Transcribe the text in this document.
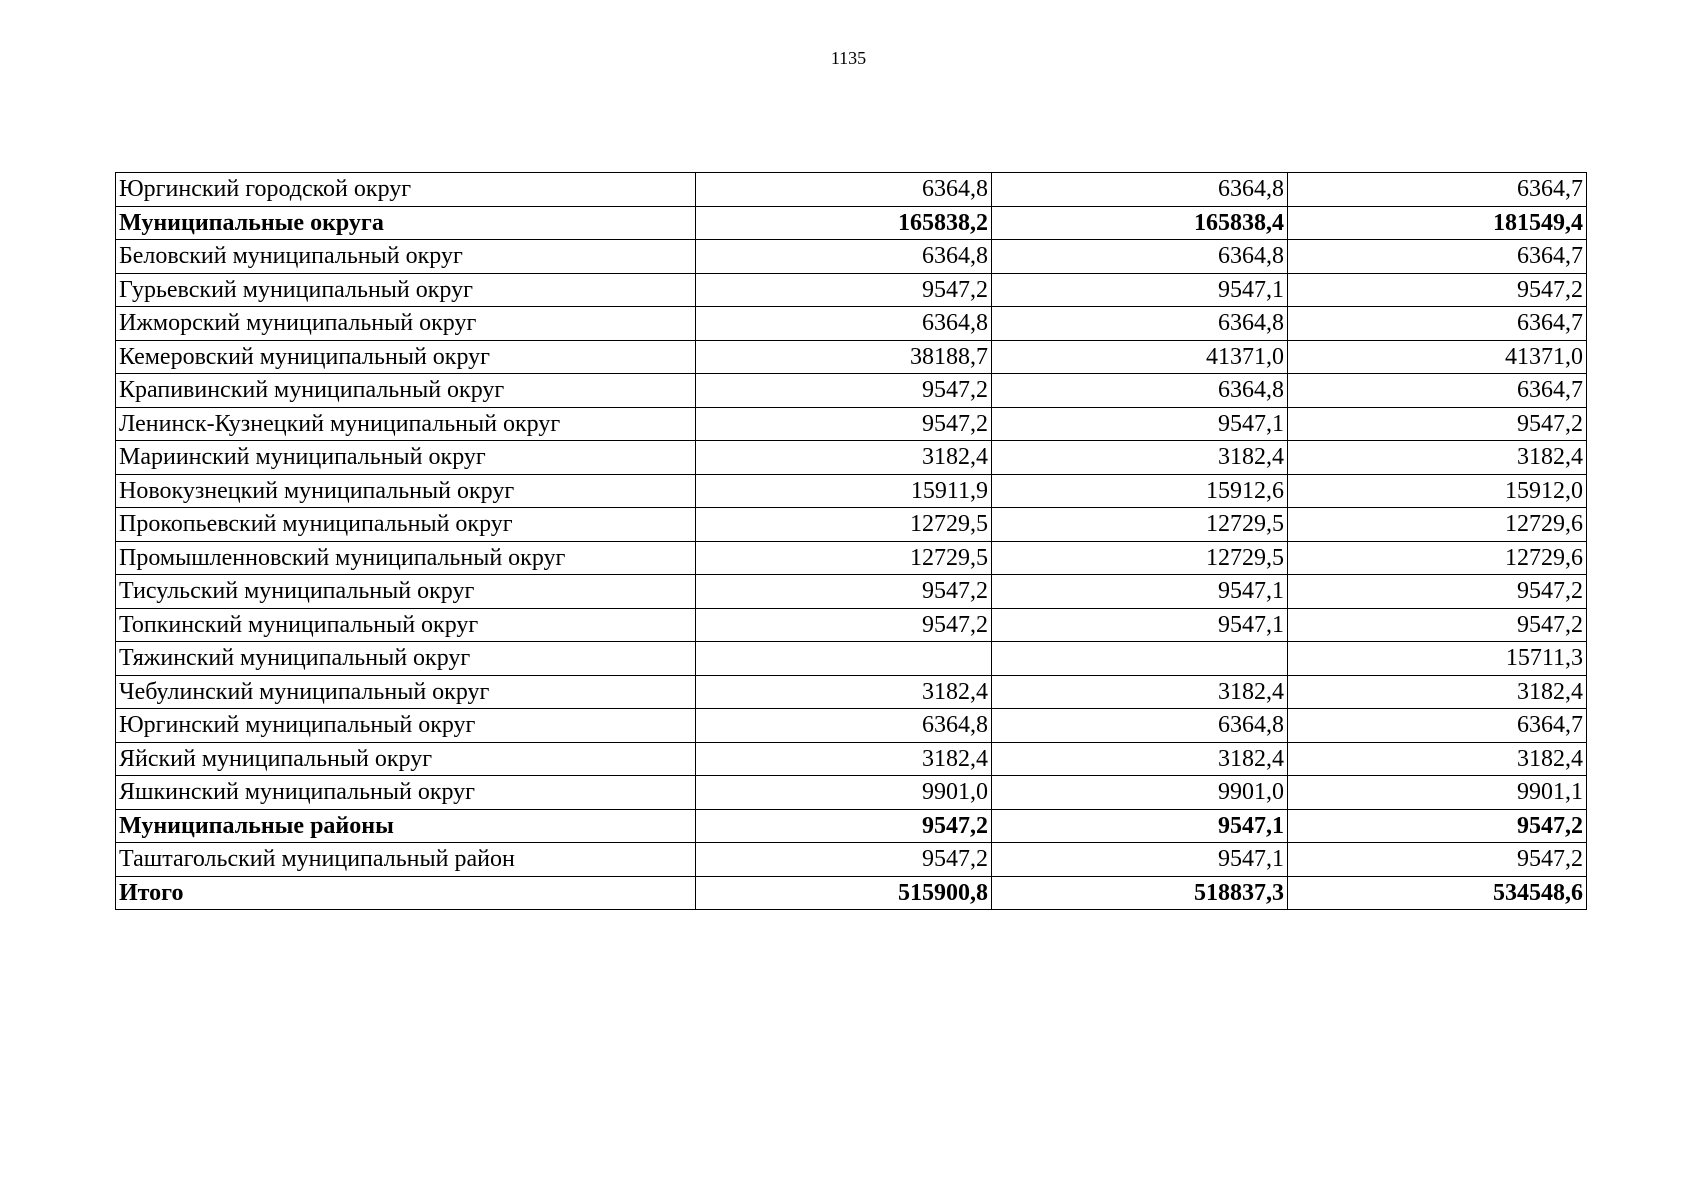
1135
Юргинский городской округ	6364,8	6364,8	6364,7
Муниципальные округа	165838,2	165838,4	181549,4
Беловский муниципальный округ	6364,8	6364,8	6364,7
Гурьевский муниципальный округ	9547,2	9547,1	9547,2
Ижморский муниципальный округ	6364,8	6364,8	6364,7
Кемеровский муниципальный округ	38188,7	41371,0	41371,0
Крапивинский муниципальный округ	9547,2	6364,8	6364,7
Ленинск-Кузнецкий муниципальный округ	9547,2	9547,1	9547,2
Мариинский муниципальный округ	3182,4	3182,4	3182,4
Новокузнецкий муниципальный округ	15911,9	15912,6	15912,0
Прокопьевский муниципальный округ	12729,5	12729,5	12729,6
Промышленновский муниципальный округ	12729,5	12729,5	12729,6
Тисульский муниципальный округ	9547,2	9547,1	9547,2
Топкинский муниципальный округ	9547,2	9547,1	9547,2
Тяжинский муниципальный округ			15711,3
Чебулинский муниципальный округ	3182,4	3182,4	3182,4
Юргинский муниципальный округ	6364,8	6364,8	6364,7
Яйский муниципальный округ	3182,4	3182,4	3182,4
Яшкинский муниципальный округ	9901,0	9901,0	9901,1
Муниципальные районы	9547,2	9547,1	9547,2
Таштагольский муниципальный район	9547,2	9547,1	9547,2
Итого	515900,8	518837,3	534548,6
